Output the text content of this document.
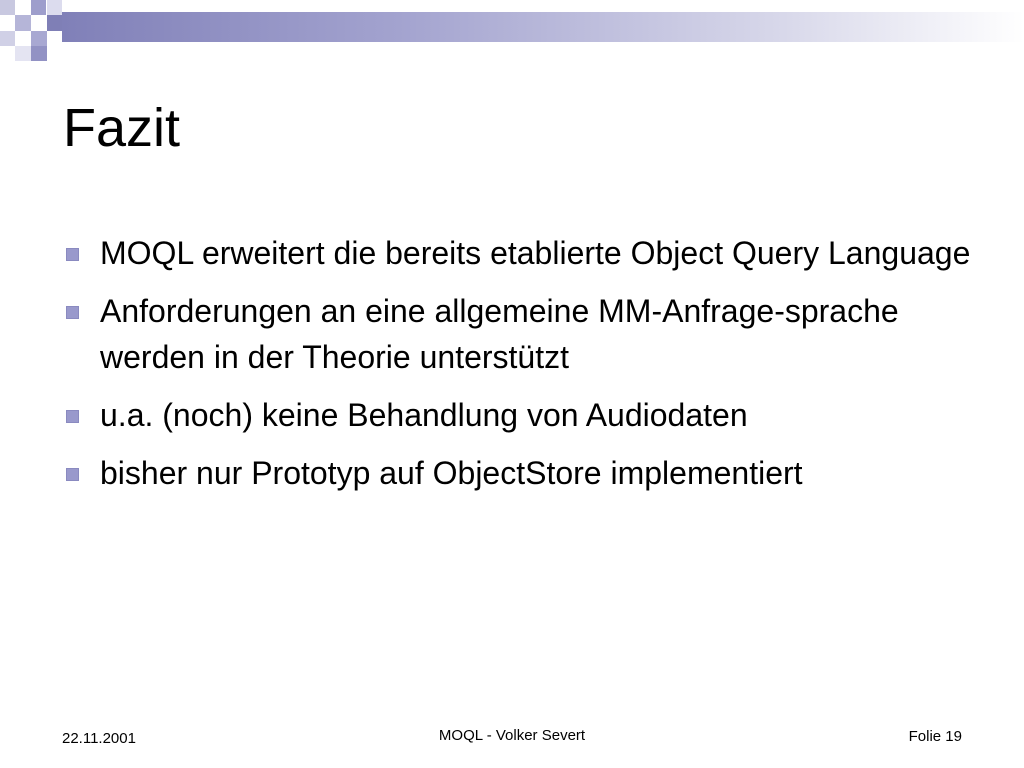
Fazit
MOQL erweitert die bereits etablierte Object Query Language
Anforderungen an eine allgemeine MM-Anfrage-sprache werden in der Theorie unterstützt
u.a. (noch) keine Behandlung von Audiodaten
bisher nur Prototyp auf ObjectStore implementiert
22.11.2001	MOQL - Volker Severt	Folie 19
